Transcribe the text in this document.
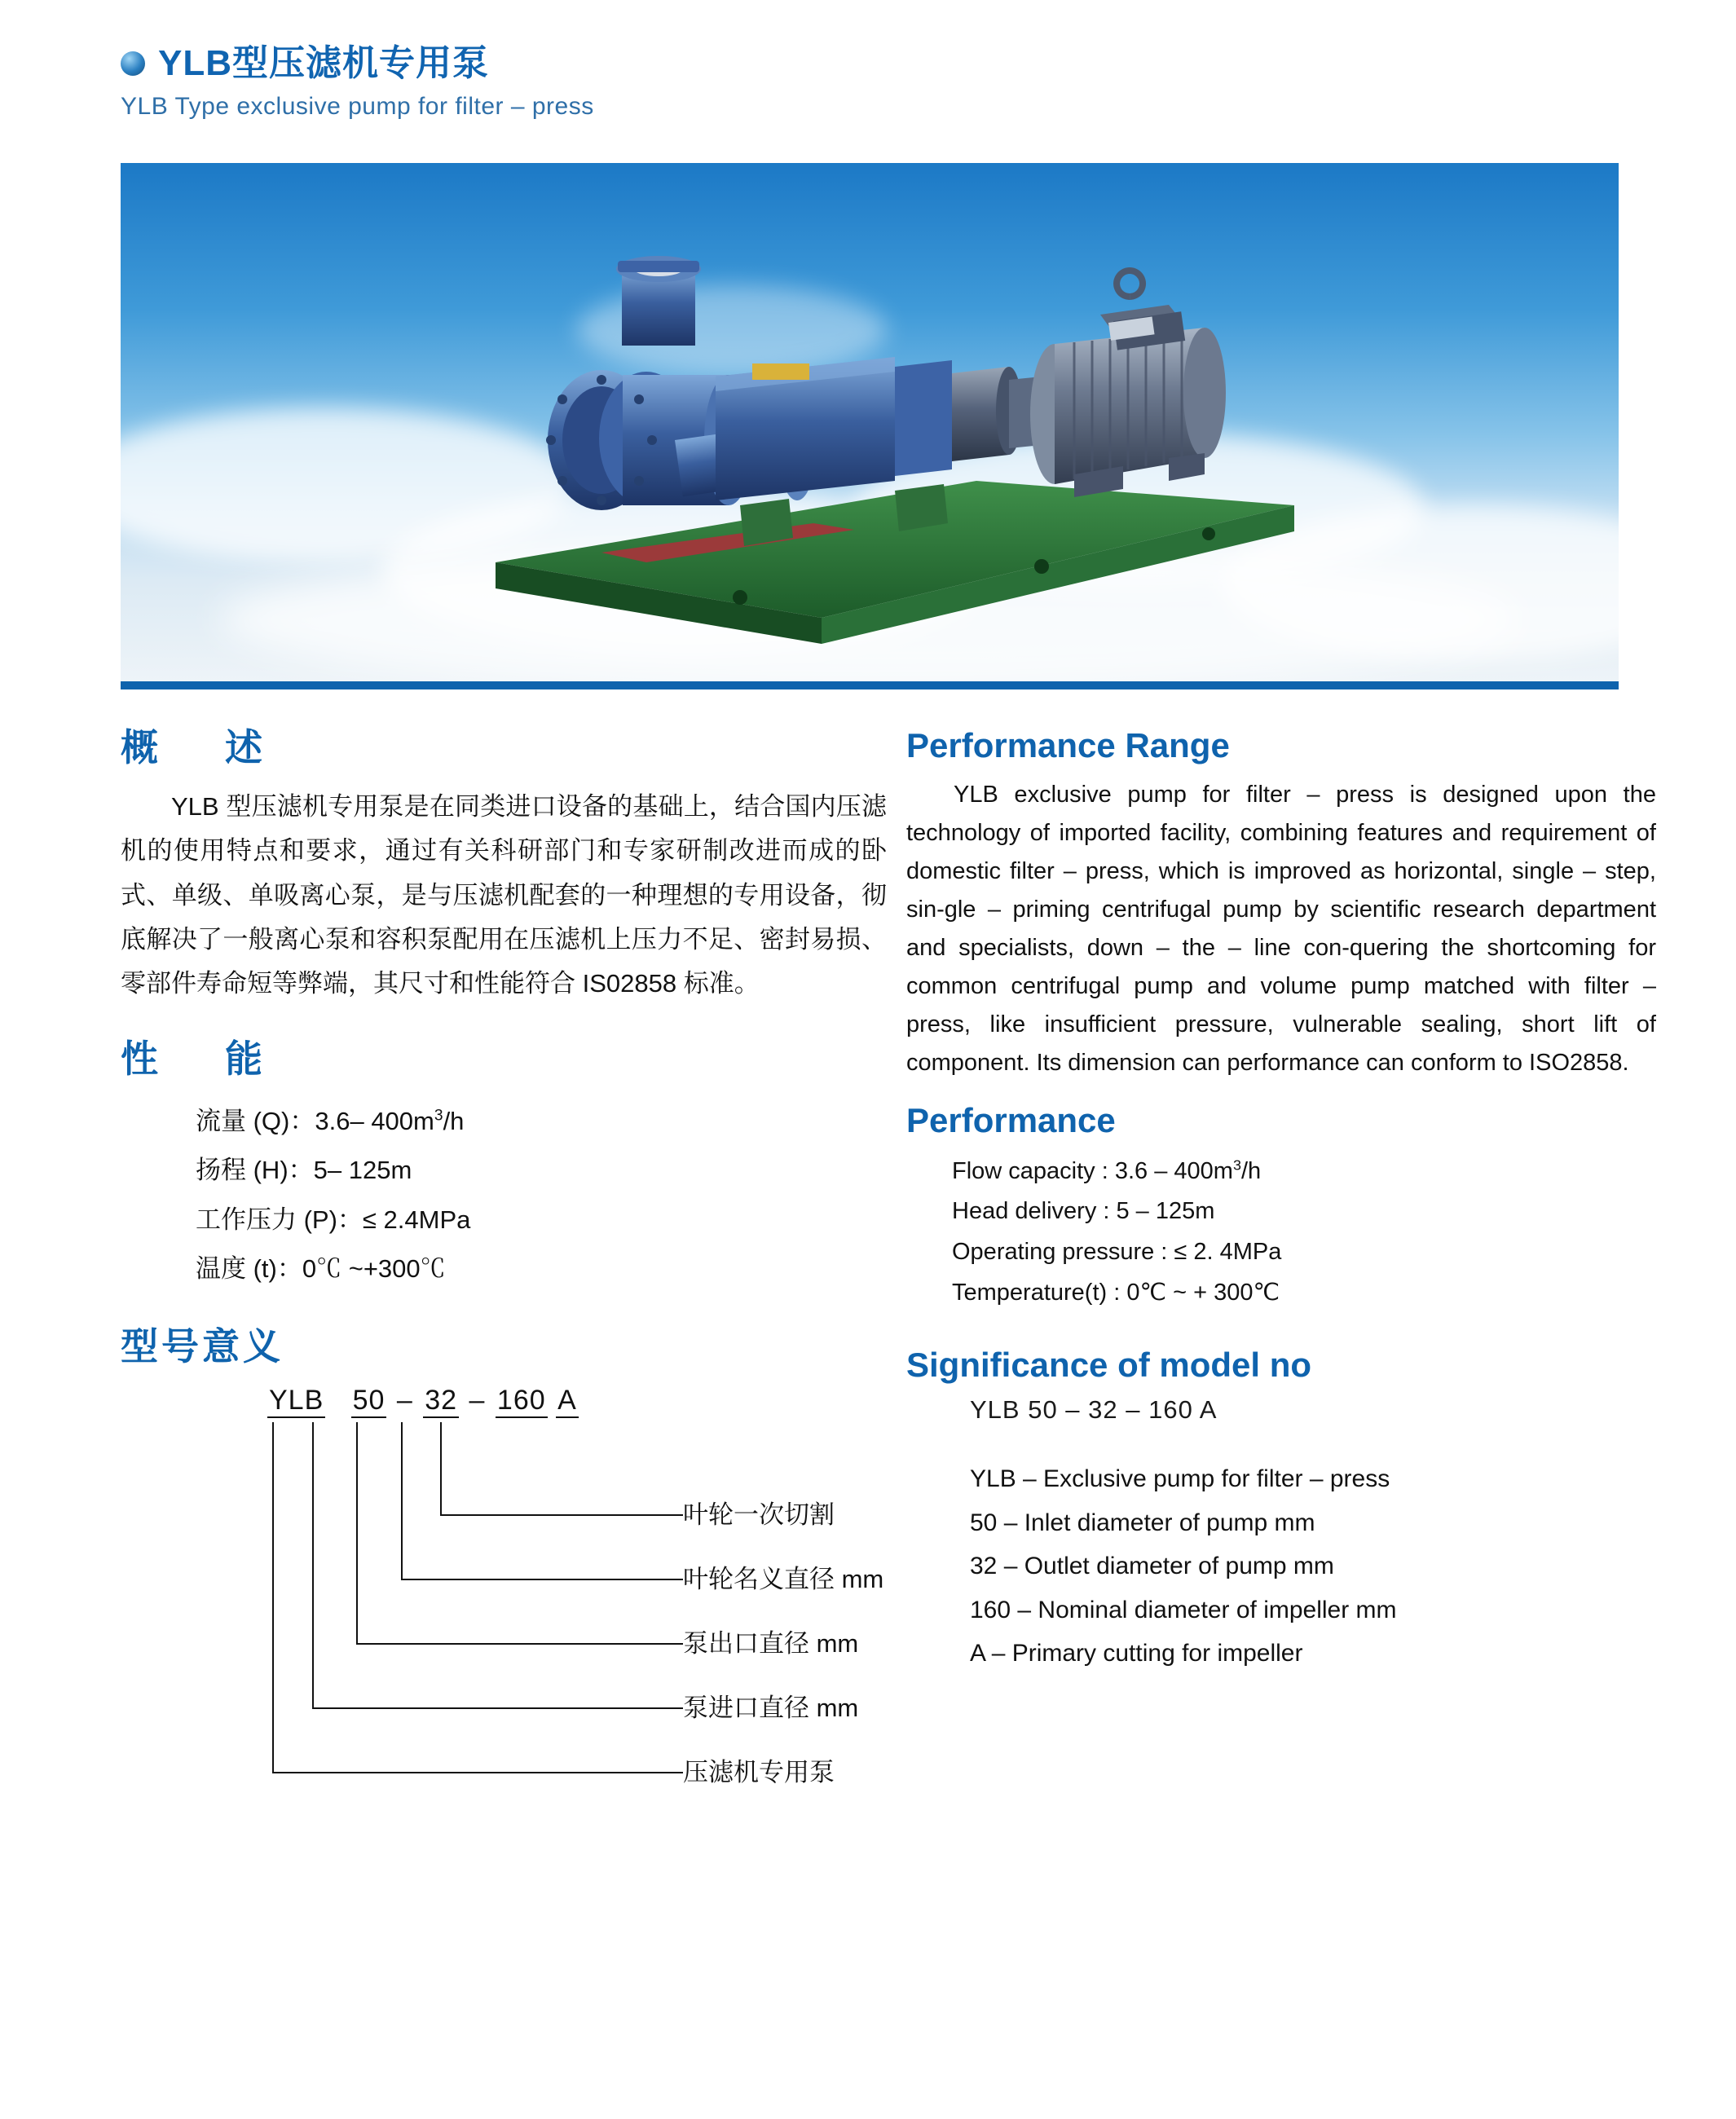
YLB型压滤机专用泵
YLB Type exclusive pump for filter – press
概　述

YLB 型压滤机专用泵是在同类进口设备的基础上，结合国内压滤机的使用特点和要求，通过有关科研部门和专家研制改进而成的卧式、单级、单吸离心泵，是与压滤机配套的一种理想的专用设备，彻底解决了一般离心泵和容积泵配用在压滤机上压力不足、密封易损、零部件寿命短等弊端，其尺寸和性能符合 IS02858 标准。

性　能
流量 (Q)：3.6– $400m^3/h$
扬程 (H)：5– 125m
工作压力 (P)：≤ 2.4MPa
温度 (t)：0℃ ~+300℃
型号意义
YLB 50 – 32 – 160 A
叶轮一次切割
叶轮名义直径 mm
泵出口直径 mm
泵进口直径 mm
压滤机专用泵
Performance Range

YLB exclusive pump for filter – press is designed upon the technology of imported facility, combining features and requirement of domestic filter – press, which is improved as horizontal, single – step, sin-gle – priming centrifugal pump by scientific research department and specialists, down – the – line con-quering the shortcoming for common centrifugal pump and volume pump matched with filter – press, like insufficient pressure, vulnerable sealing, short lift of component. Its dimension can performance can conform to ISO2858.

Performance
Flow capacity : $3.6 - 400m^3/h$
Head delivery : 5 – 125m
Operating pressure : ≤ 2. 4MPa
Temperature(t) : 0℃ ~ + 300℃
Significance of model no
YLB 50 – 32 – 160 A
YLB – Exclusive pump for filter – press
50 – Inlet diameter of pump mm
32 – Outlet diameter of pump mm
160 – Nominal diameter of impeller mm
A – Primary cutting for impeller
